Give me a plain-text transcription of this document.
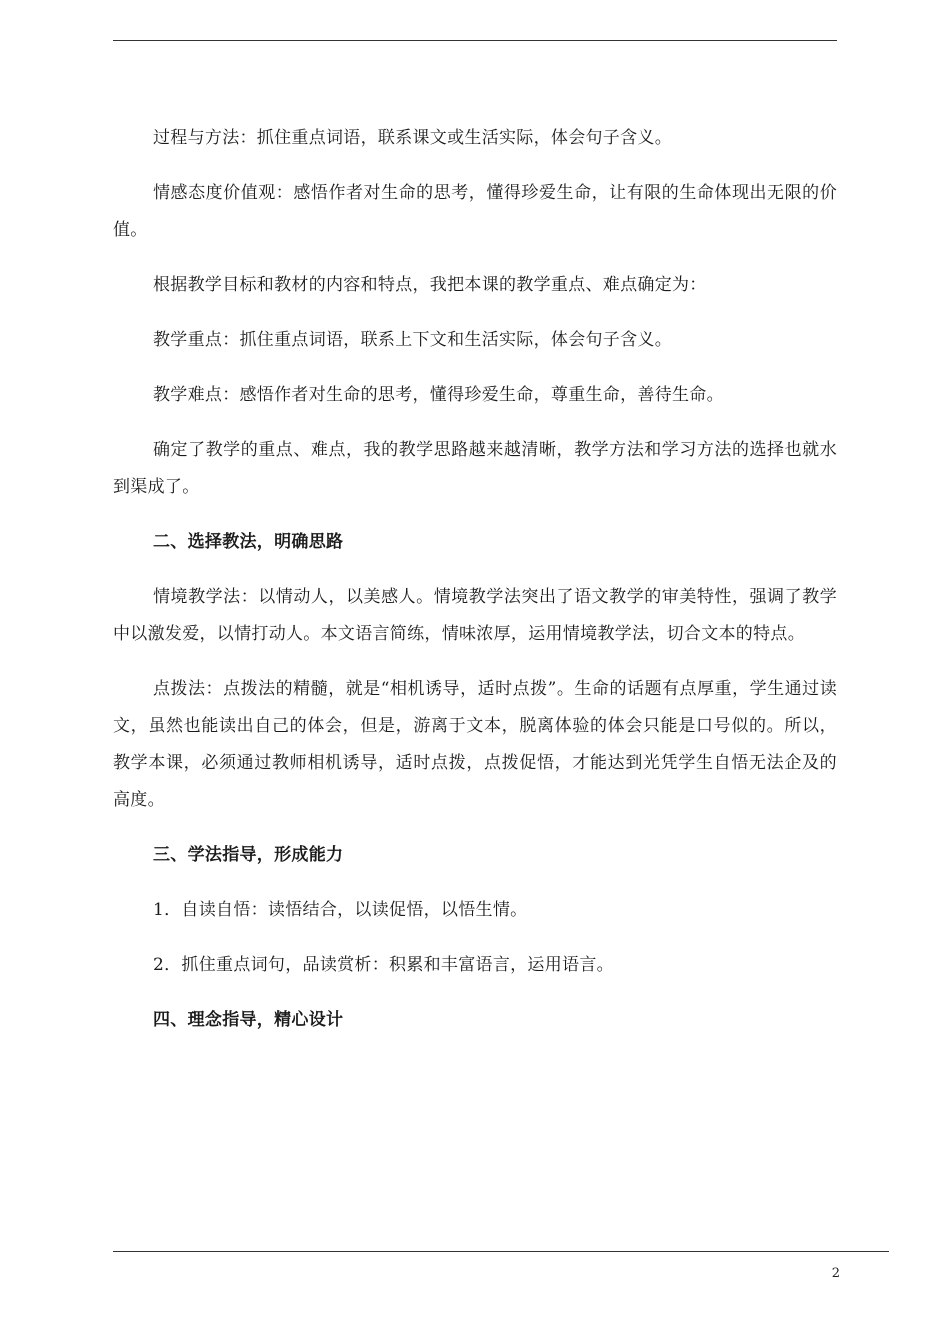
过程与方法：抓住重点词语，联系课文或生活实际，体会句子含义。

情感态度价值观：感悟作者对生命的思考，懂得珍爱生命，让有限的生命体现出无限的价值。

根据教学目标和教材的内容和特点，我把本课的教学重点、难点确定为：

教学重点：抓住重点词语，联系上下文和生活实际，体会句子含义。

教学难点：感悟作者对生命的思考，懂得珍爱生命，尊重生命，善待生命。

确定了教学的重点、难点，我的教学思路越来越清晰，教学方法和学习方法的选择也就水到渠成了。

二、选择教法，明确思路

情境教学法：以情动人，以美感人。情境教学法突出了语文教学的审美特性，强调了教学中以激发爱，以情打动人。本文语言简练，情味浓厚，运用情境教学法，切合文本的特点。

点拨法：点拨法的精髓，就是“相机诱导，适时点拨”。生命的话题有点厚重，学生通过读文，虽然也能读出自己的体会，但是，游离于文本，脱离体验的体会只能是口号似的。所以，教学本课，必须通过教师相机诱导，适时点拨，点拨促悟，才能达到光凭学生自悟无法企及的高度。

三、学法指导，形成能力

1．自读自悟：读悟结合，以读促悟，以悟生情。

2．抓住重点词句，品读赏析：积累和丰富语言，运用语言。

四、理念指导，精心设计

2
